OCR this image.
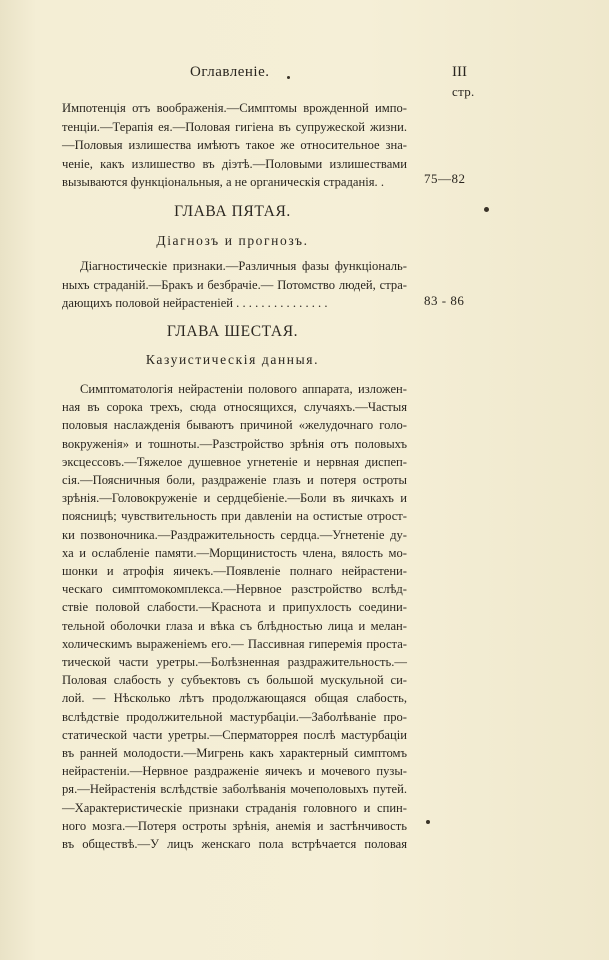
Оглавленіе.	III
стр.
Импотенція отъ воображенія.—Симптомы врожденной импо-
тенціи.—Терапія ея.—Половая гигіена въ супружеской жизни.
—Половыя излишества имѣютъ такое же относительное зна-
ченіе, какъ излишество въ діэтѣ.—Половыми излишествами
вызываются функціональныя, а не органическія страданія. .	75—82
ГЛАВА ПЯТАЯ.
Діагнозъ и прогнозъ.
Діагностическіе признаки.—Различныя фазы функціональ-
ныхъ страданій.—Бракъ и безбрачіе.— Потомство людей, стра-
дающихъ половой нейрастеніей . . . . . . . . . . . . . . .	83 - 86
ГЛАВА ШЕСТАЯ.
Казуистическія данныя.
Симптоматологія нейрастеніи полового аппарата, изложен-
ная въ сорока трехъ, сюда относящихся, случаяхъ.—Частыя
половыя наслажденія бываютъ причиной «желудочнаго голо-
вокруженія» и тошноты.—Разстройство зрѣнія отъ половыхъ
эксцессовъ.—Тяжелое душевное угнетеніе и нервная диспеп-
сія.—Поясничныя боли, раздраженіе глазъ и потеря остроты
зрѣнія.—Головокруженіе и сердцебіеніе.—Боли въ яичкахъ и
поясницѣ; чувствительность при давленіи на остистые отрост-
ки позвоночника.—Раздражительность сердца.—Угнетеніе ду-
ха и ослабленіе памяти.—Морщинистость члена, вялость мо-
шонки и атрофія яичекъ.—Появленіе полнаго нейрастени-
ческаго симптомокомплекса.—Нервное разстройство вслѣд-
ствіе половой слабости.—Краснота и припухлость соедини-
тельной оболочки глаза и вѣка съ блѣдностью лица и мелан-
холическимъ выраженіемъ его.— Пассивная гиперемія проста-
тической части уретры.—Болѣзненная раздражительность.—
Половая слабость у субъектовъ съ большой мускульной си-
лой. — Нѣсколько лѣтъ продолжающаяся общая слабость,
вслѣдствіе продолжительной мастурбаціи.—Заболѣваніе про-
статической части уретры.—Сперматоррея послѣ мастурбаціи
въ ранней молодости.—Мигрень какъ характерный симптомъ
нейрастеніи.—Нервное раздраженіе яичекъ и мочевого пузы-
ря.—Нейрастенія вслѣдствіе заболѣванія мочеполовыхъ путей.
—Характеристическіе признаки страданія головного и спин-
ного мозга.—Потеря остроты зрѣнія, анемія и застѣнчивость
въ обществѣ.—У лицъ женскаго пола встрѣчается половая
